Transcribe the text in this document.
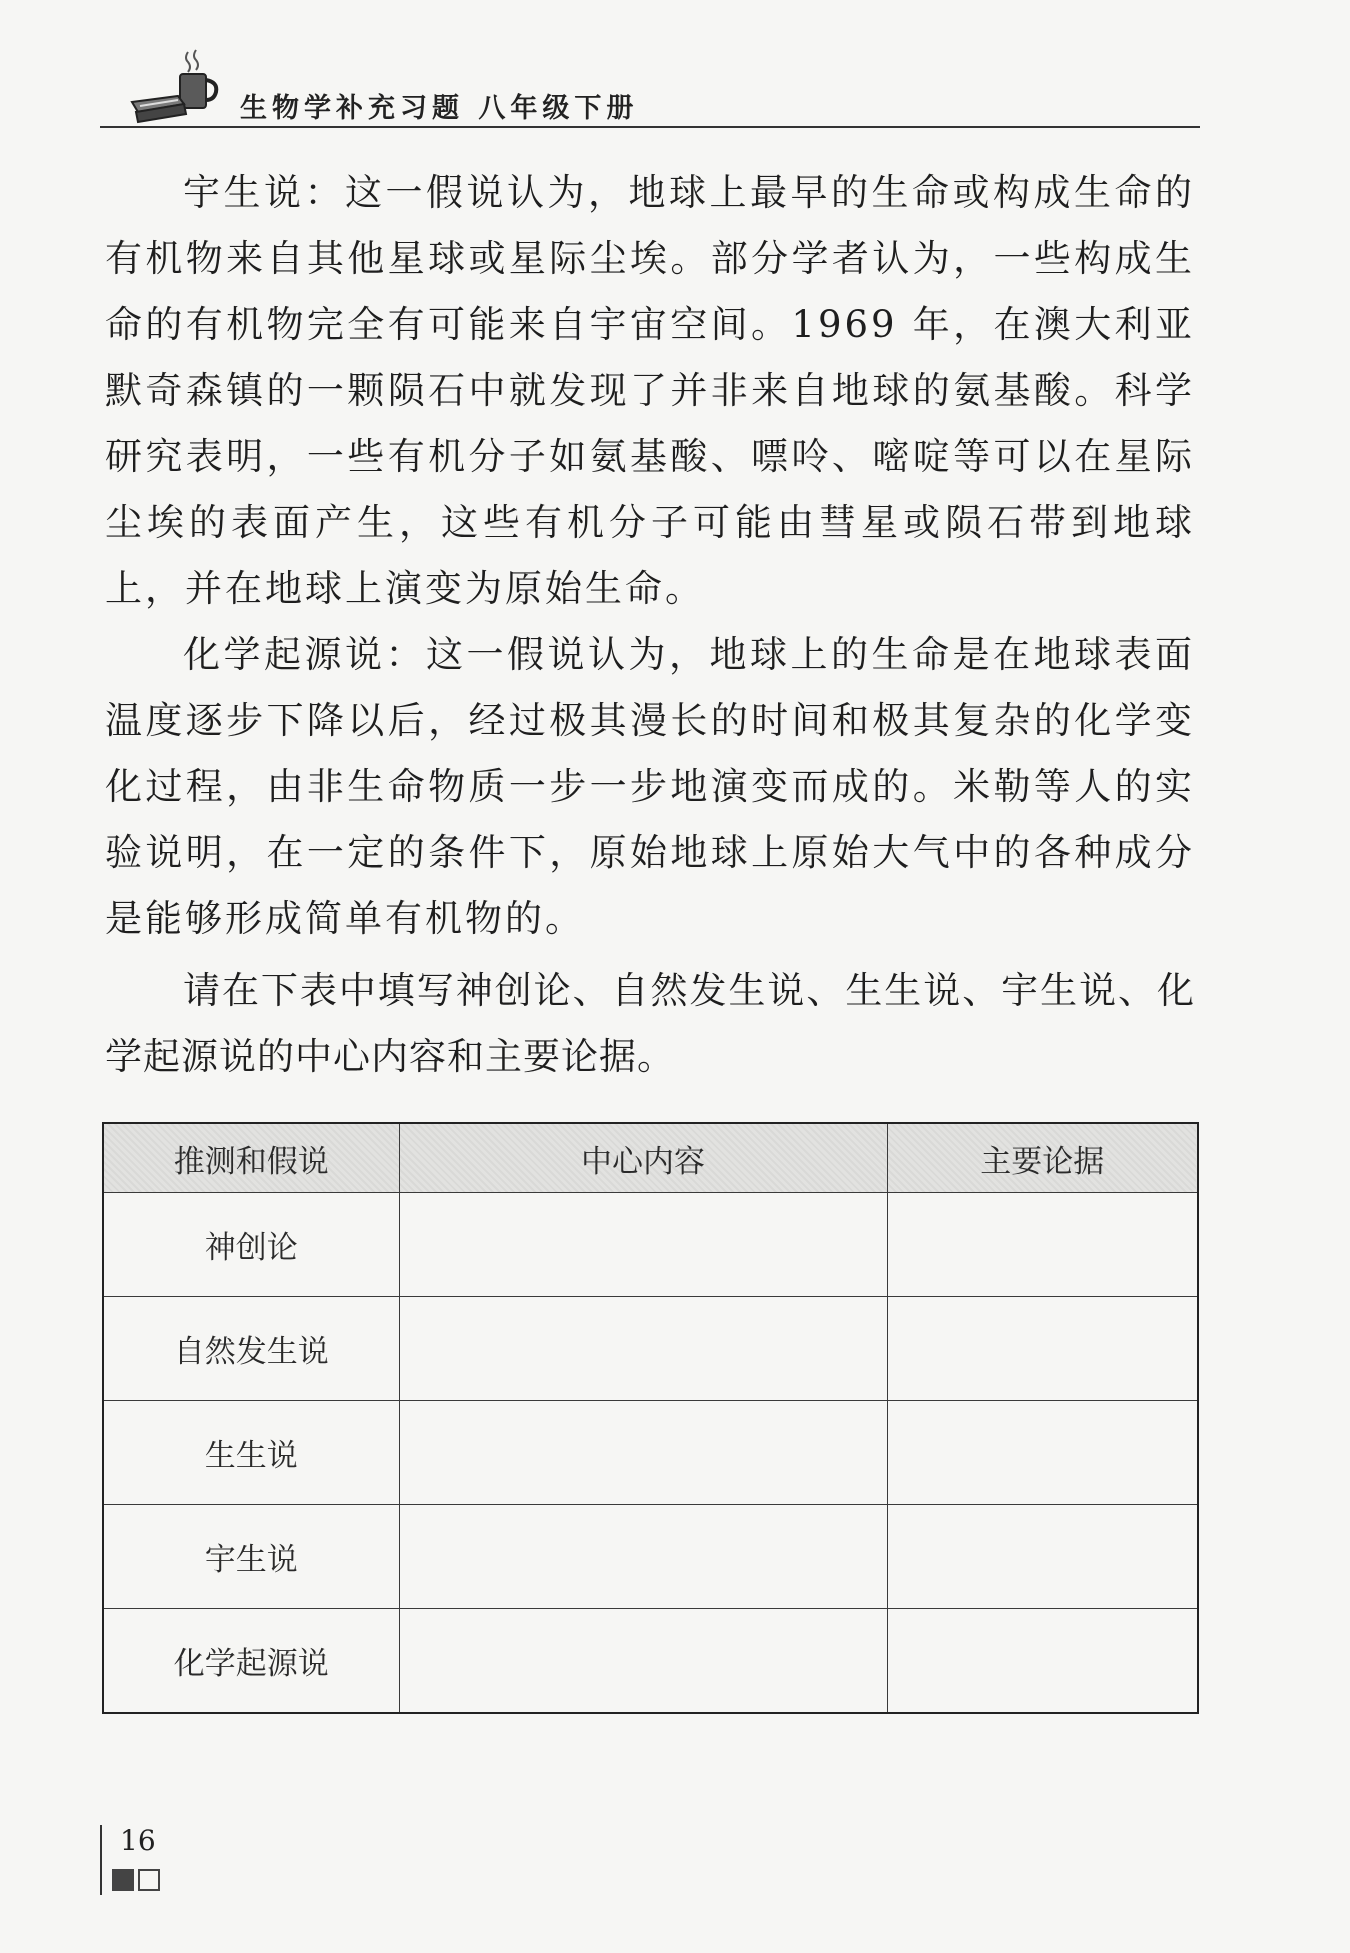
生物学补充习题 八年级下册

宇生说：这一假说认为，地球上最早的生命或构成生命的有机物来自其他星球或星际尘埃。部分学者认为，一些构成生命的有机物完全有可能来自宇宙空间。1969 年，在澳大利亚默奇森镇的一颗陨石中就发现了并非来自地球的氨基酸。科学研究表明，一些有机分子如氨基酸、嘌呤、嘧啶等可以在星际尘埃的表面产生，这些有机分子可能由彗星或陨石带到地球上，并在地球上演变为原始生命。

化学起源说：这一假说认为，地球上的生命是在地球表面温度逐步下降以后，经过极其漫长的时间和极其复杂的化学变化过程，由非生命物质一步一步地演变而成的。米勒等人的实验说明，在一定的条件下，原始地球上原始大气中的各种成分是能够形成简单有机物的。

请在下表中填写神创论、自然发生说、生生说、宇生说、化学起源说的中心内容和主要论据。

推测和假说	中心内容	主要论据
神创论		
自然发生说		
生生说		
宇生说		
化学起源说		
16
